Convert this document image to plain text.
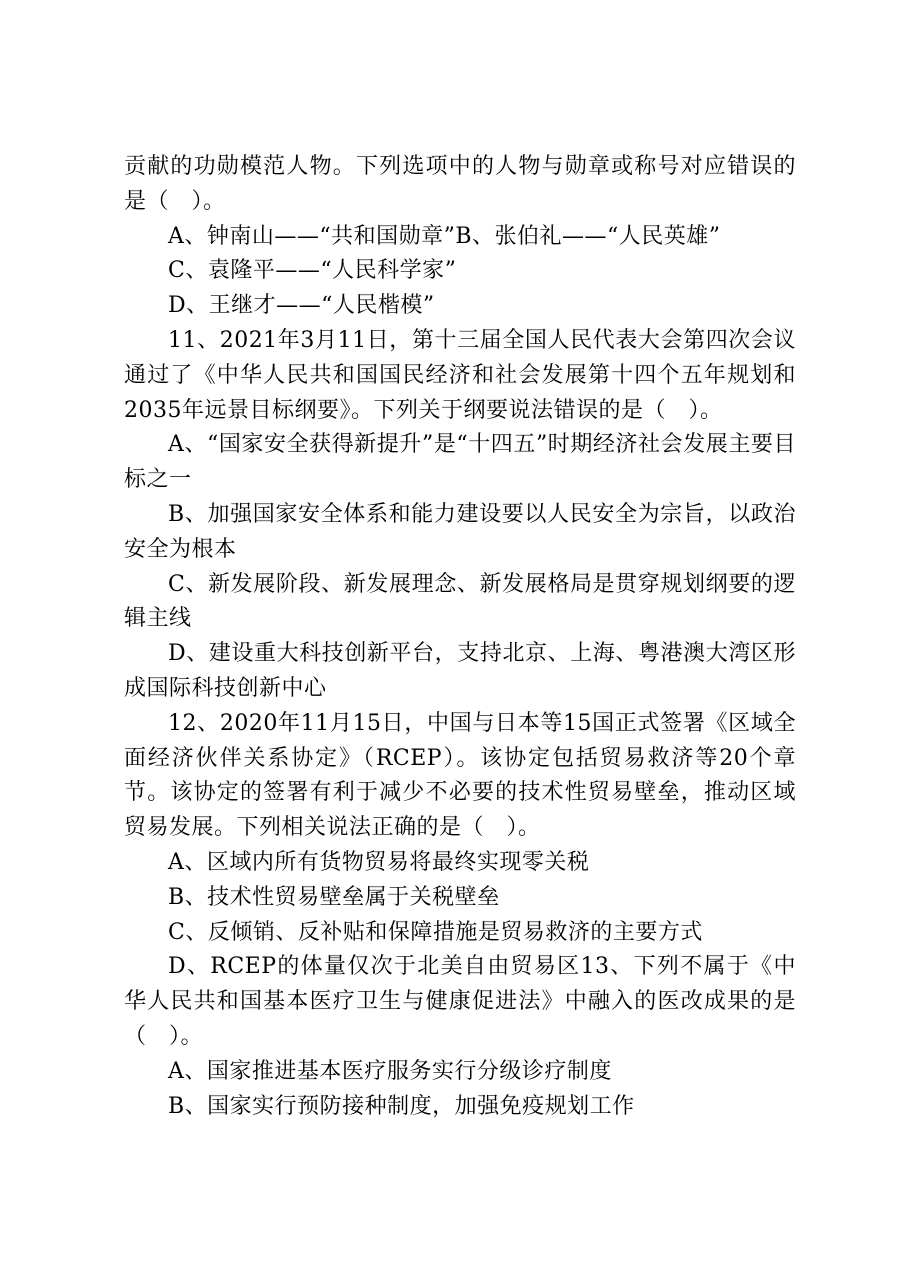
贡献的功勋模范人物。下列选项中的人物与勋章或称号对应错误的是（　）。

A、钟南山——“共和国勋章”B、张伯礼——“人民英雄”

C、袁隆平——“人民科学家”

D、王继才——“人民楷模”

11、2021年3月11日，第十三届全国人民代表大会第四次会议通过了《中华人民共和国国民经济和社会发展第十四个五年规划和2035年远景目标纲要》。下列关于纲要说法错误的是（　）。

A、“国家安全获得新提升”是“十四五”时期经济社会发展主要目标之一

B、加强国家安全体系和能力建设要以人民安全为宗旨，以政治安全为根本

C、新发展阶段、新发展理念、新发展格局是贯穿规划纲要的逻辑主线

D、建设重大科技创新平台，支持北京、上海、粤港澳大湾区形成国际科技创新中心

12、2020年11月15日，中国与日本等15国正式签署《区域全面经济伙伴关系协定》（RCEP）。该协定包括贸易救济等20个章节。该协定的签署有利于减少不必要的技术性贸易壁垒，推动区域贸易发展。下列相关说法正确的是（　）。

A、区域内所有货物贸易将最终实现零关税

B、技术性贸易壁垒属于关税壁垒

C、反倾销、反补贴和保障措施是贸易救济的主要方式

D、RCEP的体量仅次于北美自由贸易区13、下列不属于《中华人民共和国基本医疗卫生与健康促进法》中融入的医改成果的是（　）。

A、国家推进基本医疗服务实行分级诊疗制度

B、国家实行预防接种制度，加强免疫规划工作
